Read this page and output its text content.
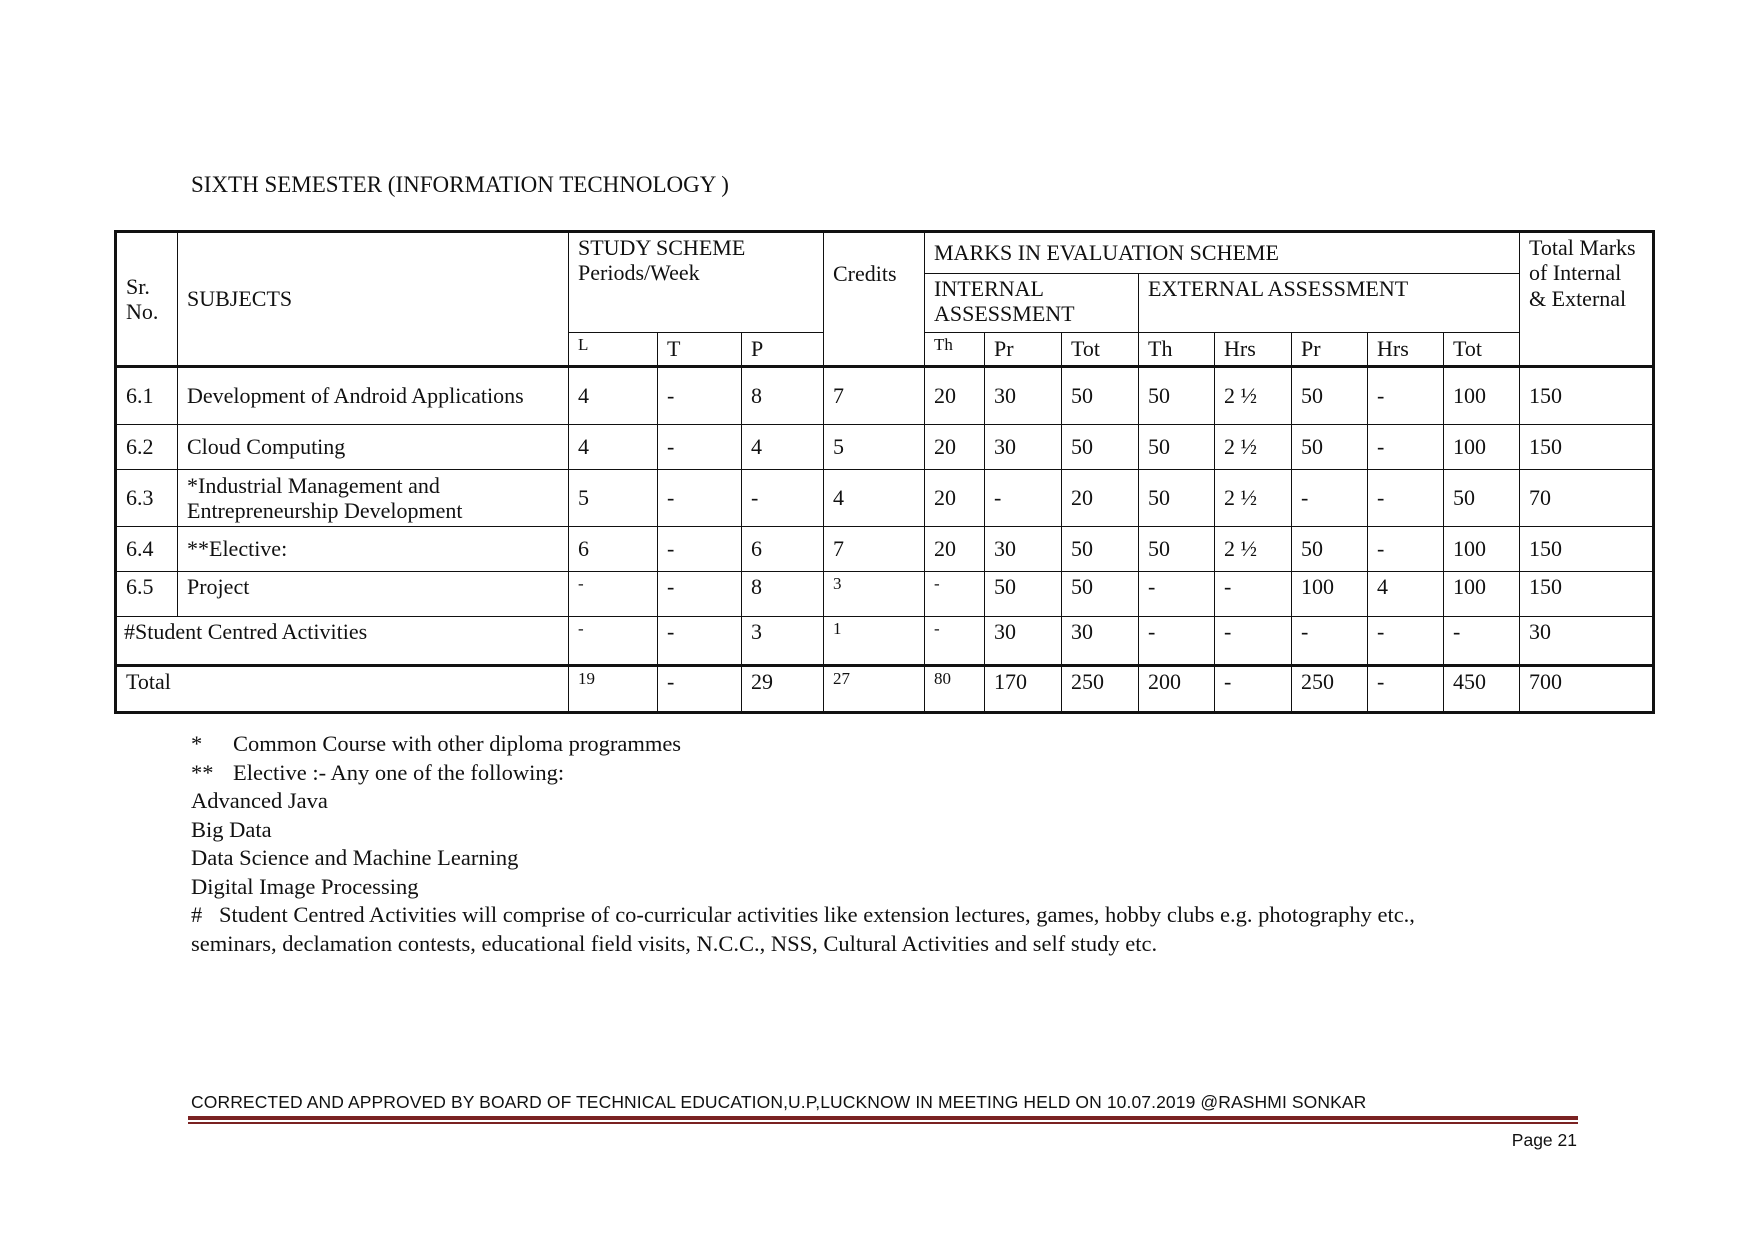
SIXTH SEMESTER (INFORMATION TECHNOLOGY )
Sr. No.	SUBJECTS	STUDY SCHEME Periods/Week			Credits	MARKS IN EVALUATION SCHEME								Total Marks of Internal & External
						INTERNAL ASSESSMENT			EXTERNAL ASSESSMENT					
		L	T	P		Th	Pr	Tot	Th	Hrs	Pr	Hrs	Tot	
6.1	Development of Android Applications	4	-	8	7	20	30	50	50	2 ½	50	-	100	150
6.2	Cloud Computing	4	-	4	5	20	30	50	50	2 ½	50	-	100	150
6.3	*Industrial Management and Entrepreneurship Development	5	-	-	4	20	-	20	50	2 ½	-	-	50	70
6.4	**Elective:	6	-	6	7	20	30	50	50	2 ½	50	-	100	150
6.5	Project	-	-	8	3	-	50	50	-	-	100	4	100	150
#Student Centred Activities		-	-	3	1	-	30	30	-	-	-	-	-	30
Total		19	-	29	27	80	170	250	200	-	250	-	450	700
* Common Course with other diploma programmes
** Elective :- Any one of the following:
Advanced Java
Big Data
Data Science and Machine Learning
Digital Image Processing
# Student Centred Activities will comprise of co-curricular activities like extension lectures, games, hobby clubs e.g. photography etc.,
seminars, declamation contests, educational field visits, N.C.C., NSS, Cultural Activities and self study etc.
CORRECTED AND APPROVED BY BOARD OF TECHNICAL EDUCATION,U.P,LUCKNOW IN MEETING HELD ON 10.07.2019 @RASHMI SONKAR
Page 21
